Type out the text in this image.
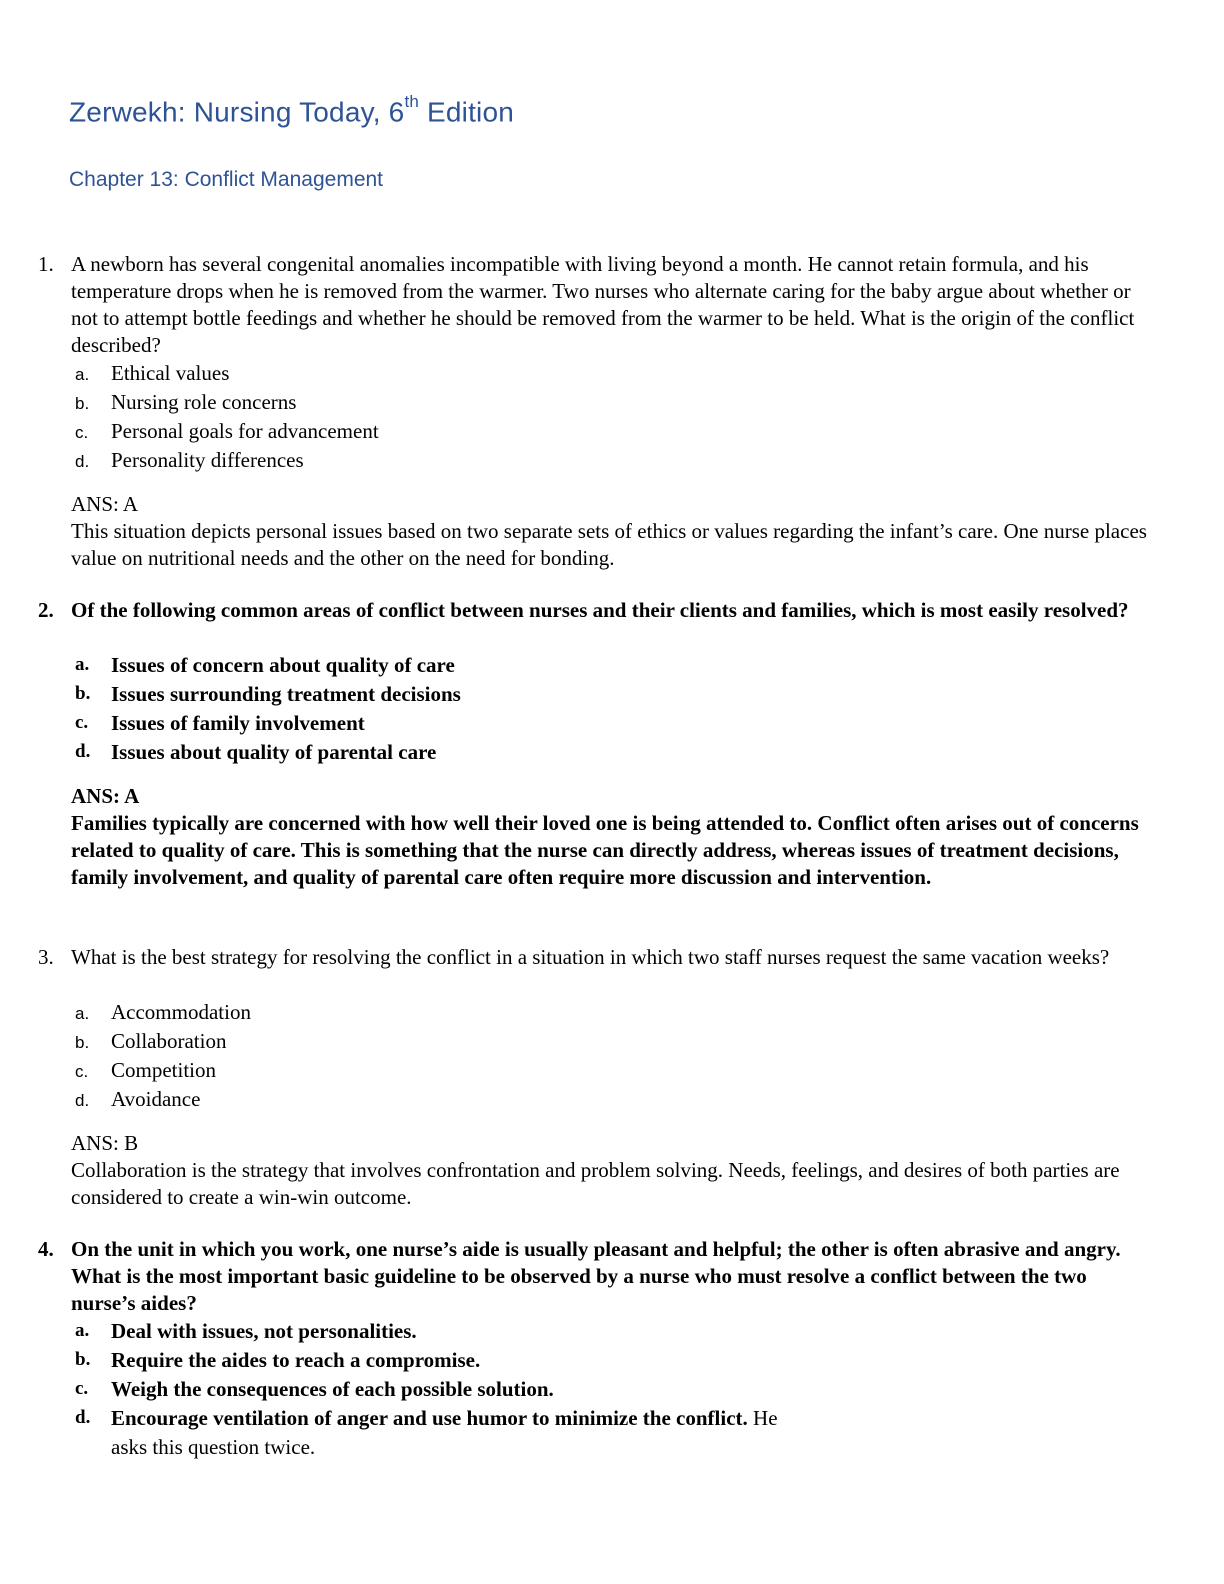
Zerwekh: Nursing Today, 6th Edition
Chapter 13: Conflict Management
1. A newborn has several congenital anomalies incompatible with living beyond a month. He cannot retain formula, and his temperature drops when he is removed from the warmer. Two nurses who alternate caring for the baby argue about whether or not to attempt bottle feedings and whether he should be removed from the warmer to be held. What is the origin of the conflict described?
a. Ethical values
b. Nursing role concerns
c. Personal goals for advancement
d. Personality differences
ANS: A
This situation depicts personal issues based on two separate sets of ethics or values regarding the infant’s care. One nurse places value on nutritional needs and the other on the need for bonding.
2. Of the following common areas of conflict between nurses and their clients and families, which is most easily resolved?
a. Issues of concern about quality of care
b. Issues surrounding treatment decisions
c. Issues of family involvement
d. Issues about quality of parental care
ANS: A
Families typically are concerned with how well their loved one is being attended to. Conflict often arises out of concerns related to quality of care. This is something that the nurse can directly address, whereas issues of treatment decisions, family involvement, and quality of parental care often require more discussion and intervention.
3. What is the best strategy for resolving the conflict in a situation in which two staff nurses request the same vacation weeks?
a. Accommodation
b. Collaboration
c. Competition
d. Avoidance
ANS: B
Collaboration is the strategy that involves confrontation and problem solving. Needs, feelings, and desires of both parties are considered to create a win-win outcome.
4. On the unit in which you work, one nurse’s aide is usually pleasant and helpful; the other is often abrasive and angry. What is the most important basic guideline to be observed by a nurse who must resolve a conflict between the two nurse’s aides?
a. Deal with issues, not personalities.
b. Require the aides to reach a compromise.
c. Weigh the consequences of each possible solution.
d. Encourage ventilation of anger and use humor to minimize the conflict. He
asks this question twice.
